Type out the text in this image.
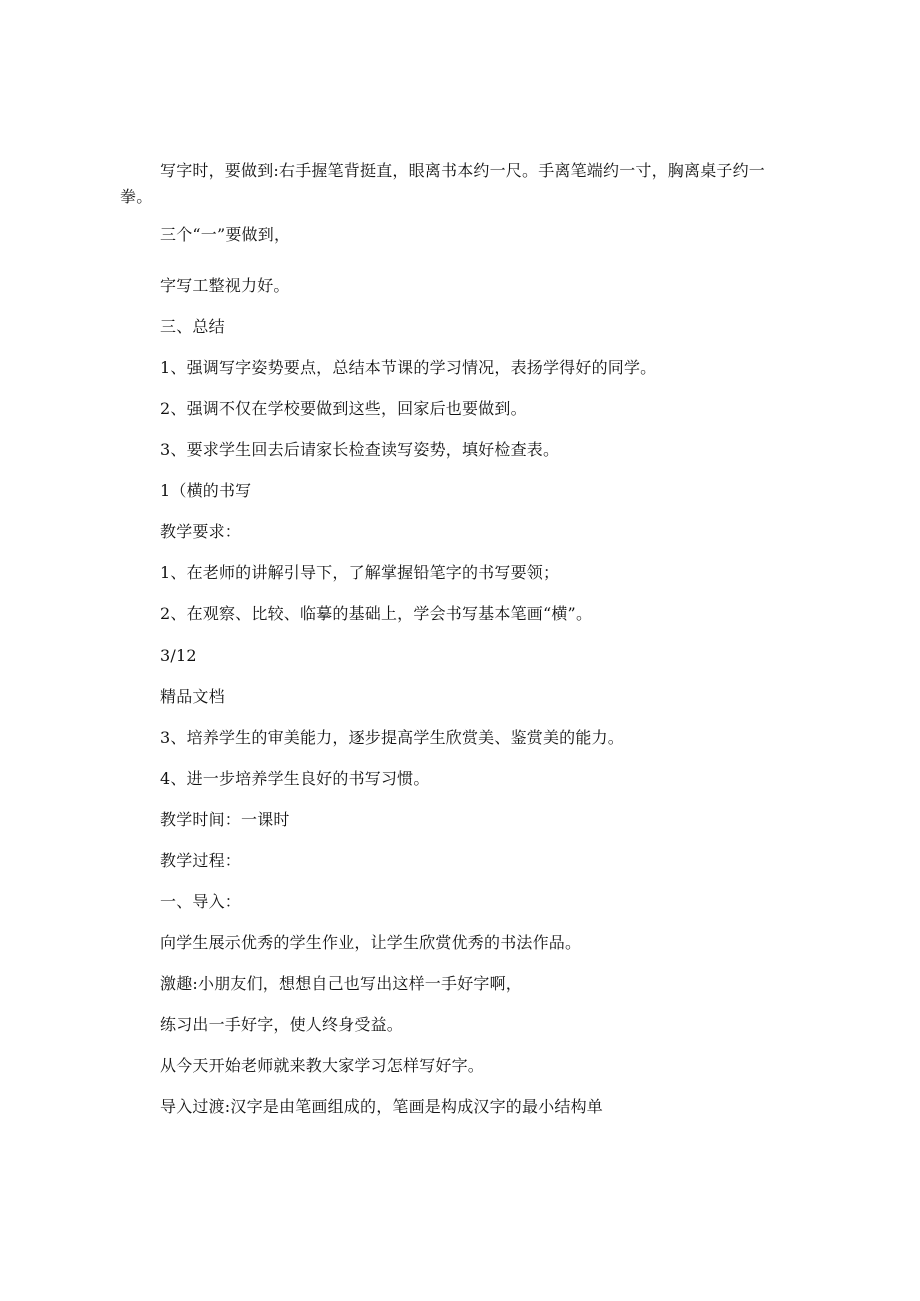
写字时，要做到:右手握笔背挺直，眼离书本约一尺。手离笔端约一寸，胸离桌子约一拳。
三个“一”要做到，
字写工整视力好。
三、总结
1、强调写字姿势要点，总结本节课的学习情况，表扬学得好的同学。
2、强调不仅在学校要做到这些，回家后也要做到。
3、要求学生回去后请家长检查读写姿势，填好检查表。
1（横的书写
教学要求：
1、在老师的讲解引导下，了解掌握铅笔字的书写要领；
2、在观察、比较、临摹的基础上，学会书写基本笔画“横”。
3/12
精品文档
3、培养学生的审美能力，逐步提高学生欣赏美、鉴赏美的能力。
4、进一步培养学生良好的书写习惯。
教学时间：一课时
教学过程：
一、导入：
向学生展示优秀的学生作业，让学生欣赏优秀的书法作品。
激趣:小朋友们，想想自己也写出这样一手好字啊，
练习出一手好字，使人终身受益。
从今天开始老师就来教大家学习怎样写好字。
导入过渡:汉字是由笔画组成的，笔画是构成汉字的最小结构单
